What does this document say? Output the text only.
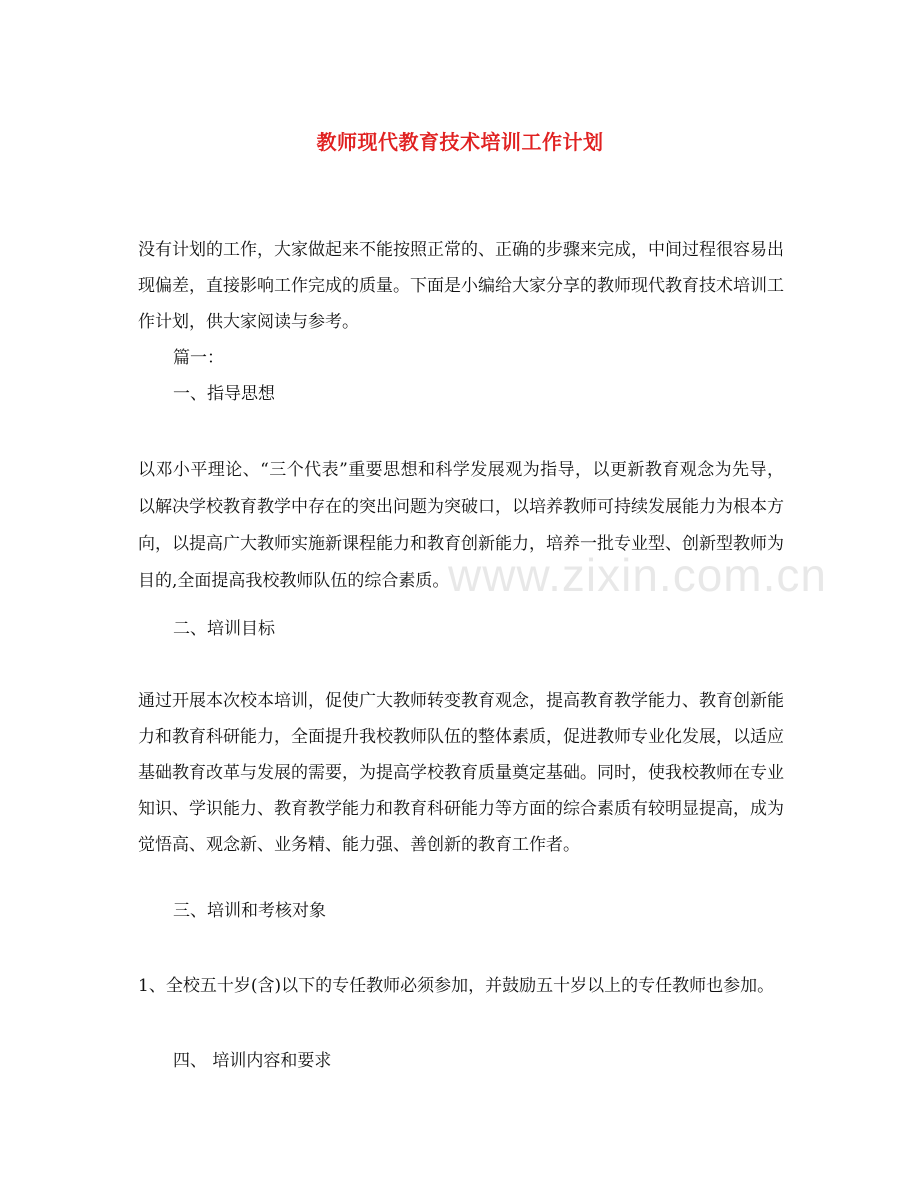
教师现代教育技术培训工作计划

没有计划的工作，大家做起来不能按照正常的、正确的步骤来完成，中间过程很容易出现偏差，直接影响工作完成的质量。下面是小编给大家分享的教师现代教育技术培训工作计划，供大家阅读与参考。

篇一：

一、指导思想

以邓小平理论、“三个代表”重要思想和科学发展观为指导，以更新教育观念为先导，以解决学校教育教学中存在的突出问题为突破口，以培养教师可持续发展能力为根本方向，以提高广大教师实施新课程能力和教育创新能力，培养一批专业型、创新型教师为目的,全面提高我校教师队伍的综合素质。

二、培训目标

通过开展本次校本培训，促使广大教师转变教育观念，提高教育教学能力、教育创新能力和教育科研能力，全面提升我校教师队伍的整体素质，促进教师专业化发展，以适应基础教育改革与发展的需要，为提高学校教育质量奠定基础。同时，使我校教师在专业知识、学识能力、教育教学能力和教育科研能力等方面的综合素质有较明显提高，成为觉悟高、观念新、业务精、能力强、善创新的教育工作者。

三、培训和考核对象

1、全校五十岁(含)以下的专任教师必须参加，并鼓励五十岁以上的专任教师也参加。

四、 培训内容和要求

www.zixin.com.cn
